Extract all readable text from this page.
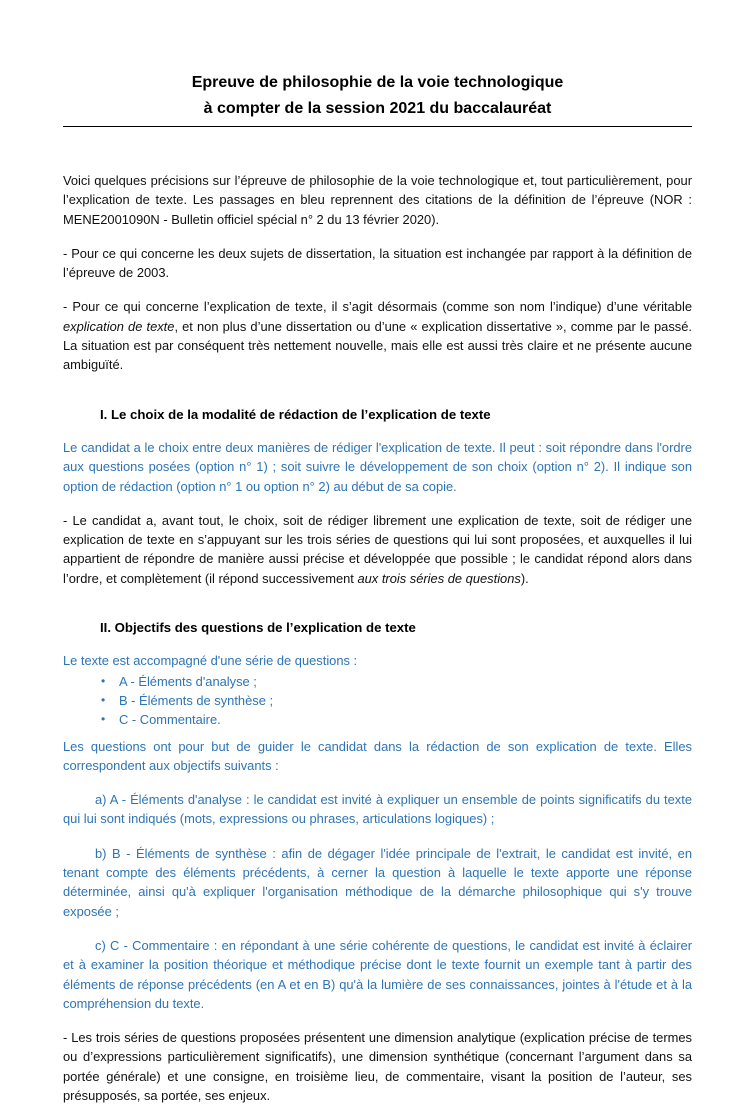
Epreuve de philosophie de la voie technologique
à compter de la session 2021 du baccalauréat

Voici quelques précisions sur l’épreuve de philosophie de la voie technologique et, tout particulièrement, pour l’explication de texte. Les passages en bleu reprennent des citations de la définition de l’épreuve (NOR : MENE2001090N - Bulletin officiel spécial n° 2 du 13 février 2020).

- Pour ce qui concerne les deux sujets de dissertation, la situation est inchangée par rapport à la définition de l’épreuve de 2003.

- Pour ce qui concerne l’explication de texte, il s’agit désormais (comme son nom l’indique) d’une véritable explication de texte, et non plus d’une dissertation ou d’une « explication dissertative », comme par le passé. La situation est par conséquent très nettement nouvelle, mais elle est aussi très claire et ne présente aucune ambiguïté.

I. Le choix de la modalité de rédaction de l’explication de texte

Le candidat a le choix entre deux manières de rédiger l'explication de texte. Il peut : soit répondre dans l'ordre aux questions posées (option n° 1) ; soit suivre le développement de son choix (option n° 2). Il indique son option de rédaction (option n° 1 ou option n° 2) au début de sa copie.

- Le candidat a, avant tout, le choix, soit de rédiger librement une explication de texte, soit de rédiger une explication de texte en s’appuyant sur les trois séries de questions qui lui sont proposées, et auxquelles il lui appartient de répondre de manière aussi précise et développée que possible ; le candidat répond alors dans l’ordre, et complètement (il répond successivement aux trois séries de questions).

II. Objectifs des questions de l’explication de texte

Le texte est accompagné d'une série de questions :

• A - Éléments d'analyse ;
• B - Éléments de synthèse ;
• C - Commentaire.

Les questions ont pour but de guider le candidat dans la rédaction de son explication de texte. Elles correspondent aux objectifs suivants :

a) A - Éléments d'analyse : le candidat est invité à expliquer un ensemble de points significatifs du texte qui lui sont indiqués (mots, expressions ou phrases, articulations logiques) ;

b) B - Éléments de synthèse : afin de dégager l'idée principale de l'extrait, le candidat est invité, en tenant compte des éléments précédents, à cerner la question à laquelle le texte apporte une réponse déterminée, ainsi qu'à expliquer l'organisation méthodique de la démarche philosophique qui s'y trouve exposée ;

c) C - Commentaire : en répondant à une série cohérente de questions, le candidat est invité à éclairer et à examiner la position théorique et méthodique précise dont le texte fournit un exemple tant à partir des éléments de réponse précédents (en A et en B) qu'à la lumière de ses connaissances, jointes à l'étude et à la compréhension du texte.

- Les trois séries de questions proposées présentent une dimension analytique (explication précise de termes ou d’expressions particulièrement significatifs), une dimension synthétique (concernant l’argument dans sa portée générale) et une consigne, en troisième lieu, de commentaire, visant la position de l’auteur, ses présupposés, sa portée, ses enjeux.
